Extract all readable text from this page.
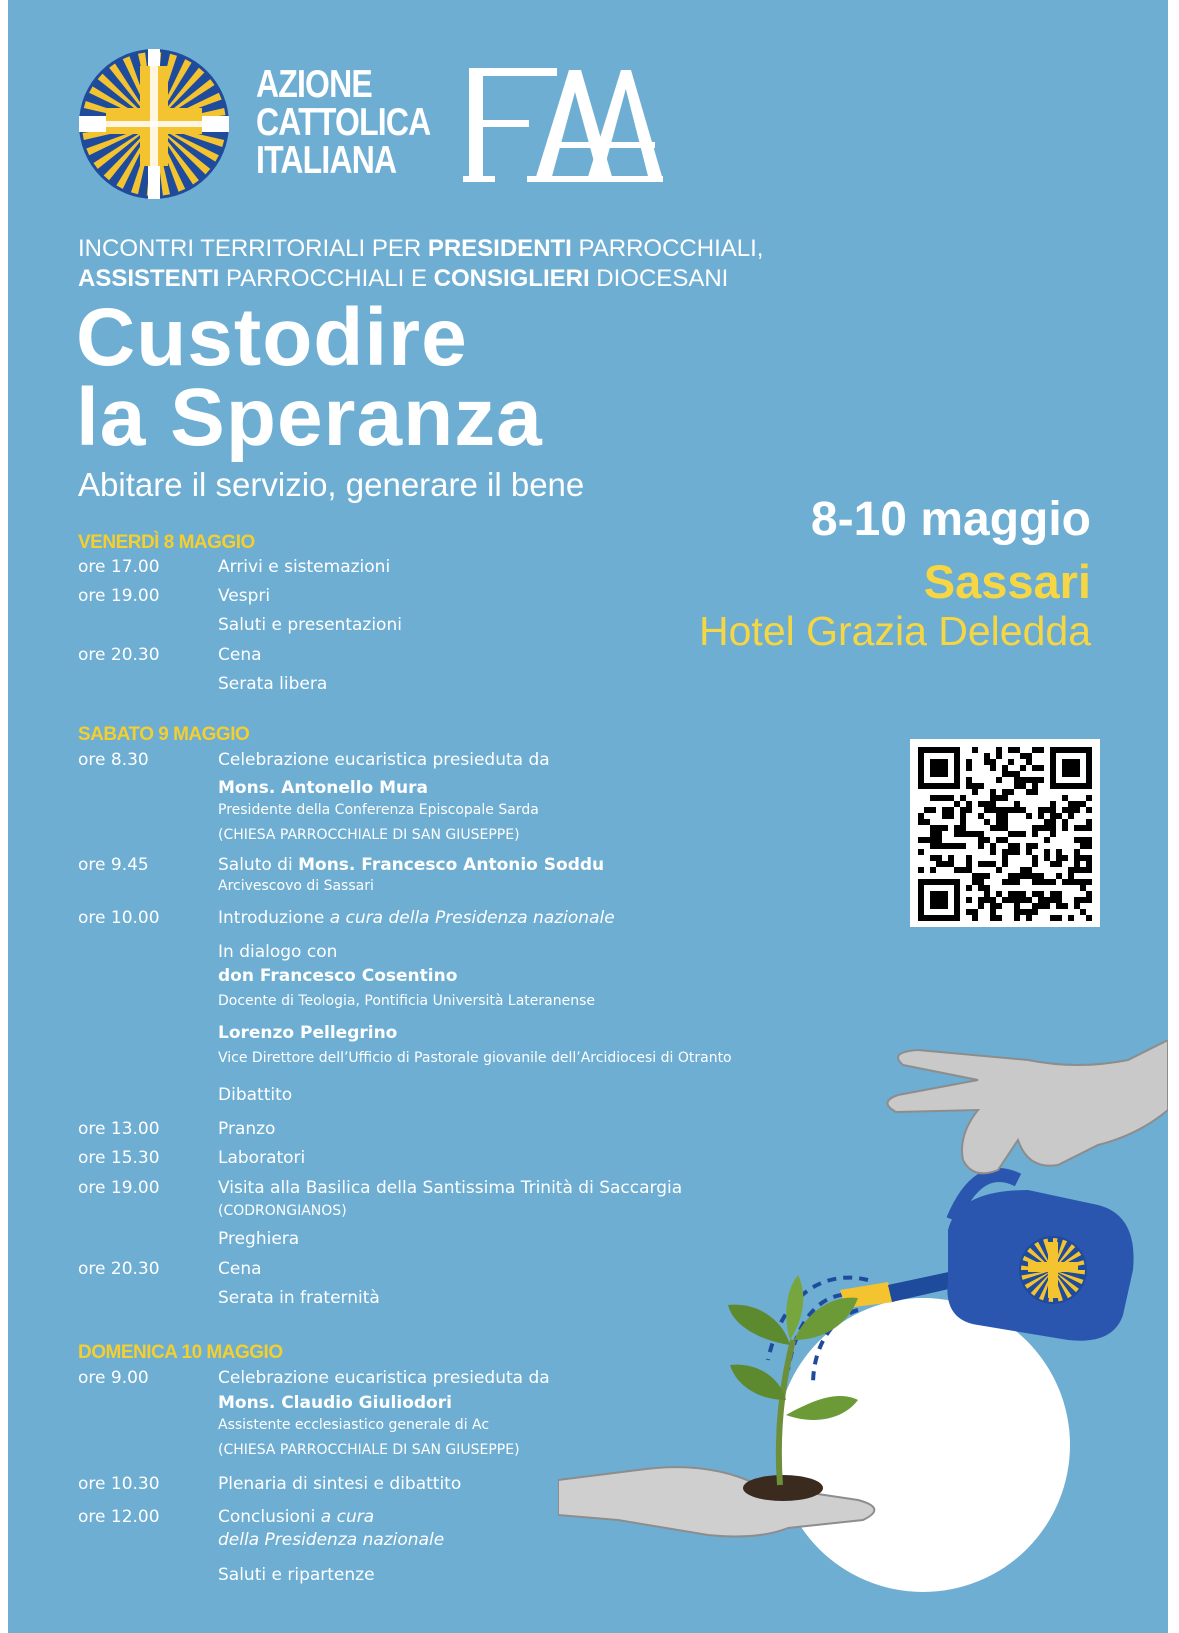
AZIONE
CATTOLICA
ITALIANA
INCONTRI TERRITORIALI PER PRESIDENTI PARROCCHIALI,
ASSISTENTI PARROCCHIALI E CONSIGLIERI DIOCESANI
Custodire
la Speranza
Abitare il servizio, generare il bene
8-10 maggio
Sassari
Hotel Grazia Deledda
VENERDÌ 8 MAGGIO
ore 17.00	Arrivi e sistemazioni
ore 19.00	Vespri
Saluti e presentazioni
ore 20.30	Cena
Serata libera
SABATO 9 MAGGIO
ore 8.30	Celebrazione eucaristica presieduta da
Mons. Antonello Mura
Presidente della Conferenza Episcopale Sarda
(CHIESA PARROCCHIALE DI SAN GIUSEPPE)
ore 9.45	Saluto di Mons. Francesco Antonio Soddu
Arcivescovo di Sassari
ore 10.00	Introduzione a cura della Presidenza nazionale
In dialogo con
don Francesco Cosentino
Docente di Teologia, Pontificia Università Lateranense
Lorenzo Pellegrino
Vice Direttore dell’Ufficio di Pastorale giovanile dell’Arcidiocesi di Otranto
Dibattito
ore 13.00	Pranzo
ore 15.30	Laboratori
ore 19.00	Visita alla Basilica della Santissima Trinità di Saccargia
(CODRONGIANOS)
Preghiera
ore 20.30	Cena
Serata in fraternità
DOMENICA 10 MAGGIO
ore 9.00	Celebrazione eucaristica presieduta da
Mons. Claudio Giuliodori
Assistente ecclesiastico generale di Ac
(CHIESA PARROCCHIALE DI SAN GIUSEPPE)
ore 10.30	Plenaria di sintesi e dibattito
ore 12.00	Conclusioni a cura
della Presidenza nazionale
Saluti e ripartenze
